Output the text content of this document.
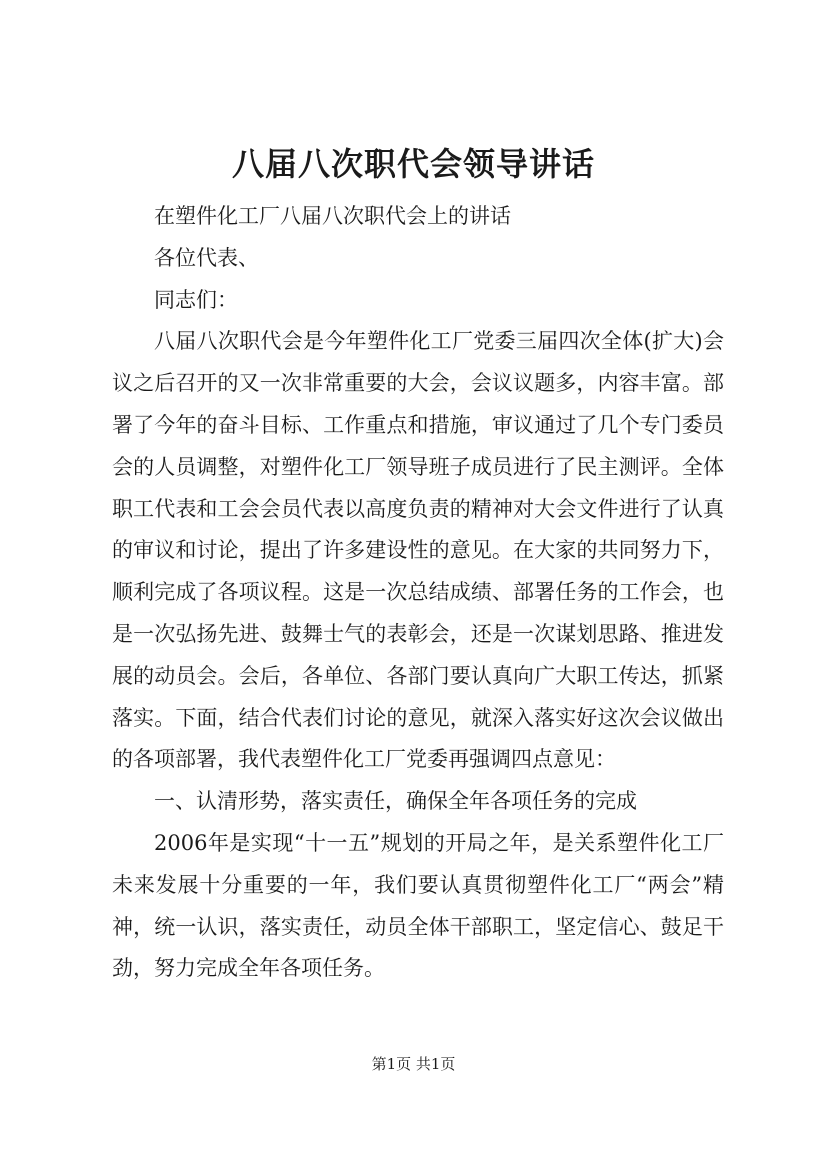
八届八次职代会领导讲话

在塑件化工厂八届八次职代会上的讲话

各位代表、

同志们：

八届八次职代会是今年塑件化工厂党委三届四次全体(扩大)会议之后召开的又一次非常重要的大会，会议议题多，内容丰富。部署了今年的奋斗目标、工作重点和措施，审议通过了几个专门委员会的人员调整，对塑件化工厂领导班子成员进行了民主测评。全体职工代表和工会会员代表以高度负责的精神对大会文件进行了认真的审议和讨论，提出了许多建设性的意见。在大家的共同努力下，顺利完成了各项议程。这是一次总结成绩、部署任务的工作会，也是一次弘扬先进、鼓舞士气的表彰会，还是一次谋划思路、推进发展的动员会。会后，各单位、各部门要认真向广大职工传达，抓紧落实。下面，结合代表们讨论的意见，就深入落实好这次会议做出的各项部署，我代表塑件化工厂党委再强调四点意见：

一、认清形势，落实责任，确保全年各项任务的完成

2006年是实现“十一五”规划的开局之年，是关系塑件化工厂未来发展十分重要的一年，我们要认真贯彻塑件化工厂“两会”精神，统一认识，落实责任，动员全体干部职工，坚定信心、鼓足干劲，努力完成全年各项任务。

第1页 共1页
